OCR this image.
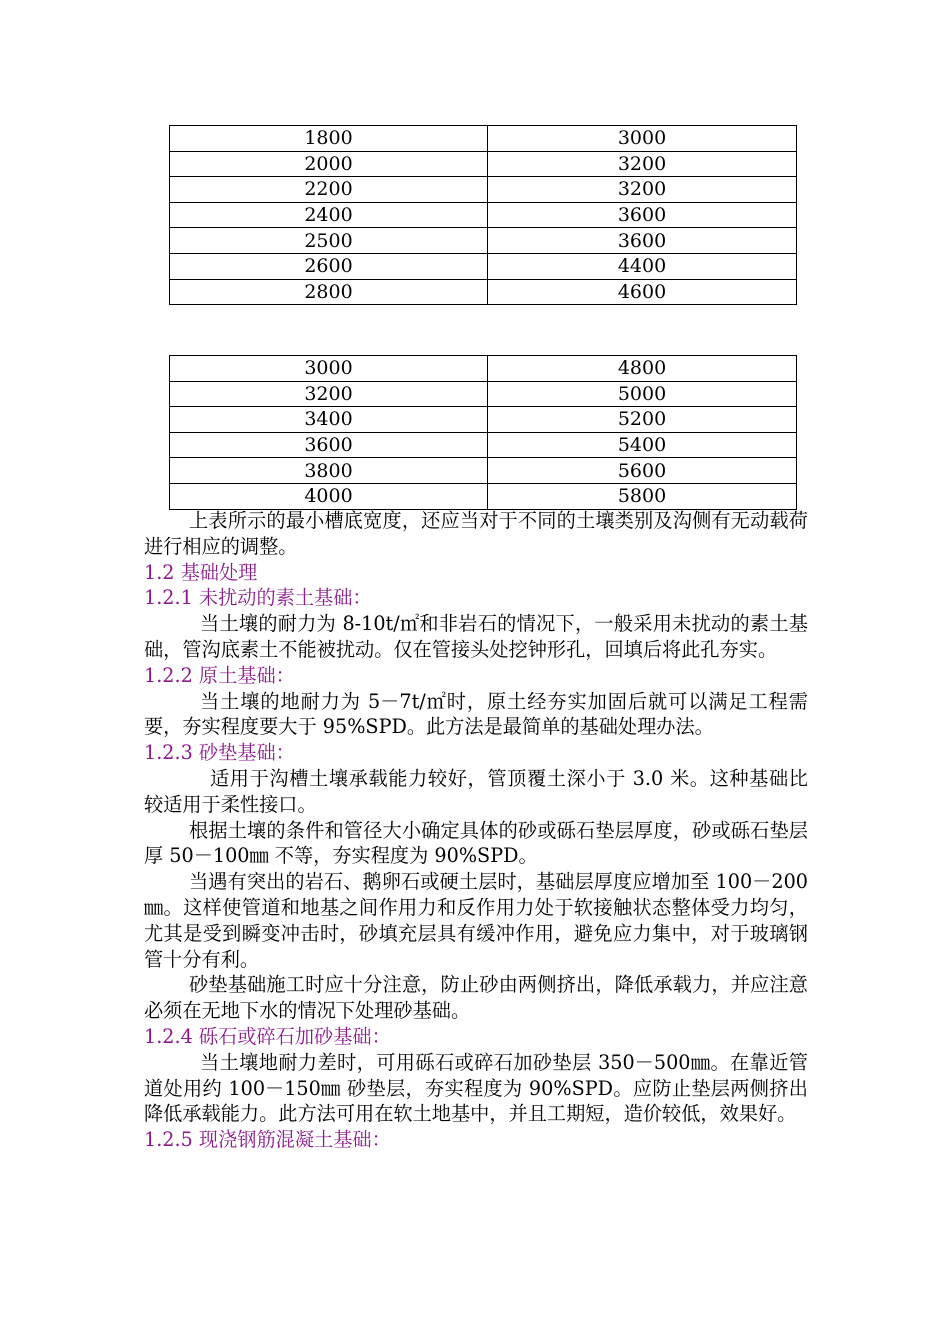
1800	3000
2000	3200
2200	3200
2400	3600
2500	3600
2600	4400
2800	4600
3000	4800
3200	5000
3400	5200
3600	5400
3800	5600
4000	5800

上表所示的最小槽底宽度，还应当对于不同的土壤类别及沟侧有无动载荷进行相应的调整。

1.2 基础处理

1.2.1 未扰动的素土基础：

当土壤的耐力为 8-10t/㎡和非岩石的情况下，一般采用未扰动的素土基础，管沟底素土不能被扰动。仅在管接头处挖钟形孔，回填后将此孔夯实。

1.2.2 原土基础：

当土壤的地耐力为 5－7t/㎡时，原土经夯实加固后就可以满足工程需要，夯实程度要大于 95%SPD。此方法是最简单的基础处理办法。

1.2.3 砂垫基础：

适用于沟槽土壤承载能力较好，管顶覆土深小于 3.0 米。这种基础比较适用于柔性接口。

根据土壤的条件和管径大小确定具体的砂或砾石垫层厚度，砂或砾石垫层厚 50－100㎜ 不等，夯实程度为 90%SPD。

当遇有突出的岩石、鹅卵石或硬土层时，基础层厚度应增加至 100－200㎜。这样使管道和地基之间作用力和反作用力处于软接触状态整体受力均匀，尤其是受到瞬变冲击时，砂填充层具有缓冲作用，避免应力集中，对于玻璃钢管十分有利。

砂垫基础施工时应十分注意，防止砂由两侧挤出，降低承载力，并应注意必须在无地下水的情况下处理砂基础。

1.2.4 砾石或碎石加砂基础：

当土壤地耐力差时，可用砾石或碎石加砂垫层 350－500㎜。在靠近管道处用约 100－150㎜ 砂垫层，夯实程度为 90%SPD。应防止垫层两侧挤出降低承载能力。此方法可用在软土地基中，并且工期短，造价较低，效果好。

1.2.5 现浇钢筋混凝土基础：
